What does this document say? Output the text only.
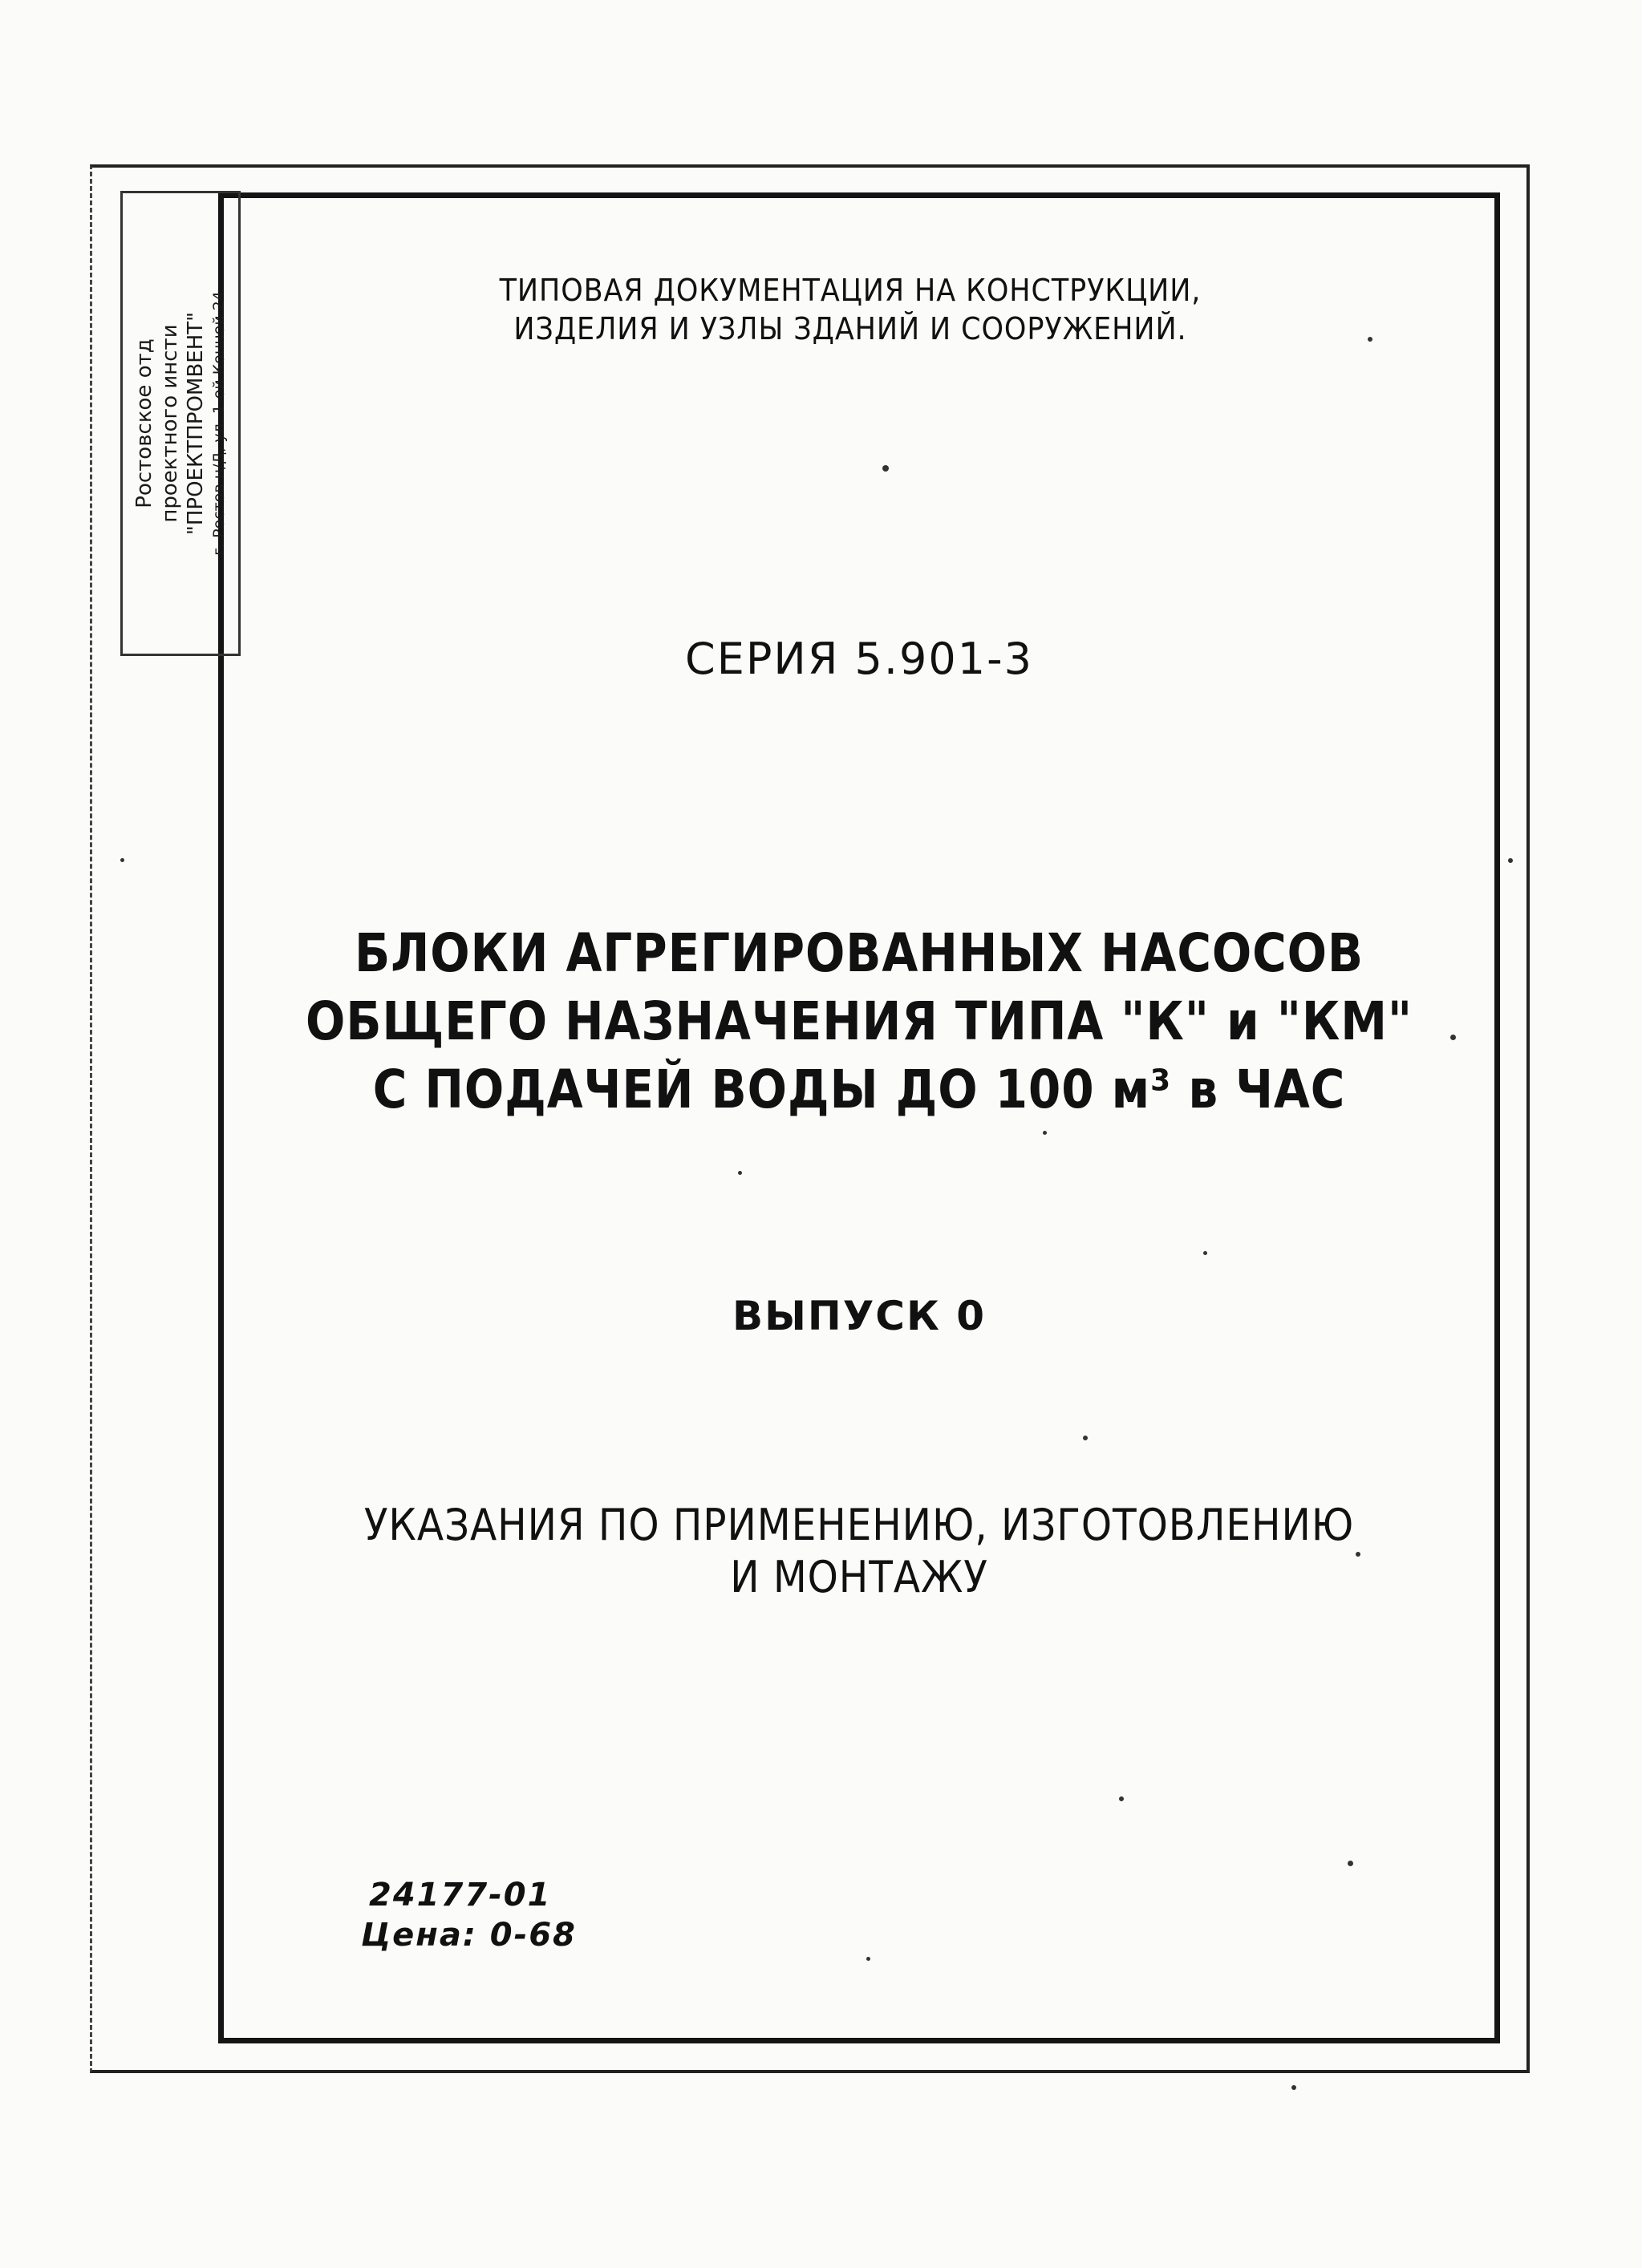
Ростовское отд проектного инсти "ПРОЕКТПРОМВЕНТ" г. Ростов н/Д, ул. 1-ой Конной 24
ТИПОВАЯ ДОКУМЕНТАЦИЯ НА КОНСТРУКЦИИ,
ИЗДЕЛИЯ И УЗЛЫ ЗДАНИЙ И СООРУЖЕНИЙ.
СЕРИЯ 5.901-3
БЛОКИ АГРЕГИРОВАННЫХ НАСОСОВ
ОБЩЕГО НАЗНАЧЕНИЯ ТИПА "К" и "КМ"
С ПОДАЧЕЙ ВОДЫ ДО 100 м³ в ЧАС
ВЫПУСК 0
УКАЗАНИЯ ПО ПРИМЕНЕНИЮ, ИЗГОТОВЛЕНИЮ
И МОНТАЖУ
24177-01
Цена: 0-68
